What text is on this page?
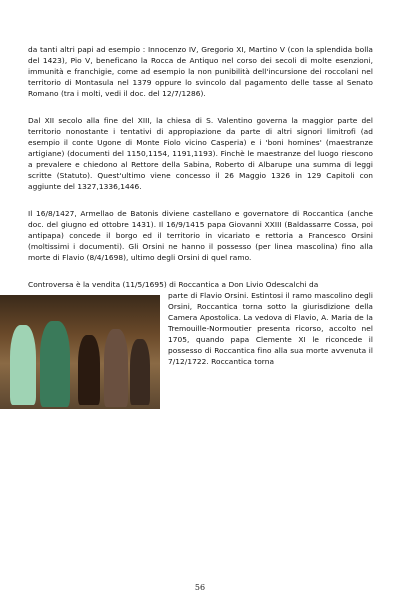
da tanti altri papi ad esempio : Innocenzo IV, Gregorio XI, Martino V (con la splendida bolla del 1423), Pio V, beneficano la Rocca de Antiquo nel corso dei secoli di molte esenzioni, immunità e franchigie, come ad esempio la non punibilità dell'incursione dei roccolani nel territorio di Montasula nel 1379 oppure lo svincolo dal pagamento delle tasse al Senato Romano (tra i molti, vedi il doc. del 12/7/1286).

Dal XII secolo alla fine del XIII, la chiesa di S. Valentino governa la maggior parte del territorio nonostante i tentativi di appropiazione da parte di altri signori limitrofi (ad esempio il conte Ugone di Monte Fiolo vicino Casperia) e i 'boni homines' (maestranze artigiane) (documenti del 1150,1154, 1191,1193). Finchè le maestranze del luogo riescono a prevalere e chiedono al Rettore della Sabina, Roberto di Albarupe una summa di leggi scritte (Statuto). Quest'ultimo viene concesso il 26 Maggio 1326 in 129 Capitoli con aggiunte del 1327,1336,1446.

Il 16/8/1427, Armellao de Batonis diviene castellano e governatore di Roccantica (anche doc. del giugno ed ottobre 1431). Il 16/9/1415 papa Giovanni XXIII (Baldassarre Cossa, poi antipapa) concede il borgo ed il territorio in vicariato e rettoria a Francesco Orsini (moltissimi i documenti). Gli Orsini ne hanno il possesso (per linea mascolina) fino alla morte di Flavio (8/4/1698), ultimo degli Orsini di quel ramo.

Controversa è la vendita (11/5/1695) di Roccantica a Don Livio Odescalchi da

parte di Flavio Orsini. Estintosi il ramo mascolino degli Orsini, Roccantica torna sotto la giurisdizione della Camera Apostolica. La vedova di Flavio, A. Maria de la Tremouille-Normoutier presenta ricorso, accolto nel 1705, quando papa Clemente XI le riconcede il possesso di Roccantica fino alla sua morte avvenuta il 7/12/1722. Roccantica torna

56
